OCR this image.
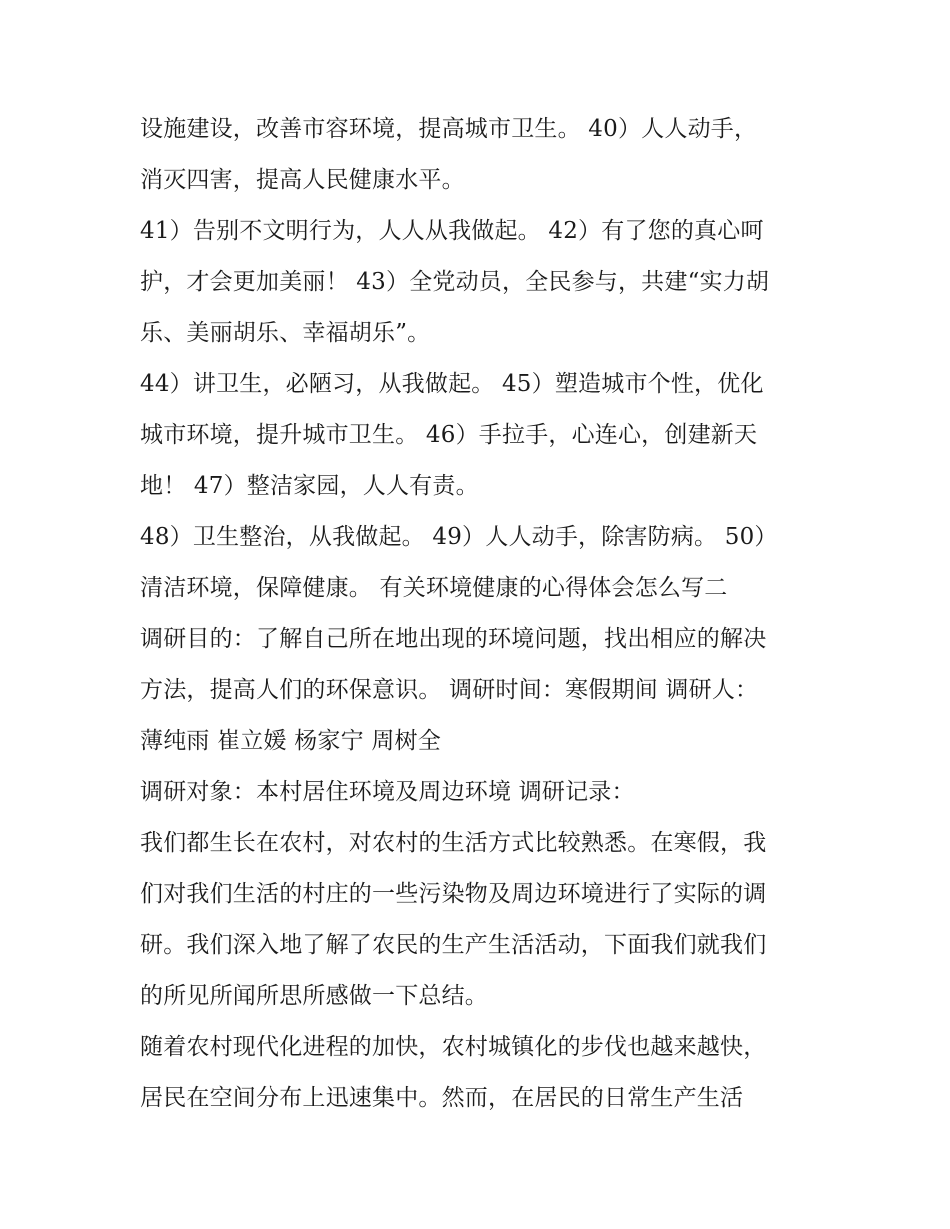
设施建设，改善市容环境，提高城市卫生。 40）人人动手，
消灭四害，提高人民健康水平。
41）告别不文明行为，人人从我做起。 42）有了您的真心呵
护，才会更加美丽！ 43）全党动员，全民参与，共建“实力胡
乐、美丽胡乐、幸福胡乐”。
44）讲卫生，必陋习，从我做起。 45）塑造城市个性，优化
城市环境，提升城市卫生。 46）手拉手，心连心，创建新天
地！ 47）整洁家园，人人有责。
48）卫生整治，从我做起。 49）人人动手，除害防病。 50）
清洁环境，保障健康。 有关环境健康的心得体会怎么写二
调研目的：了解自己所在地出现的环境问题，找出相应的解决
方法，提高人们的环保意识。 调研时间：寒假期间 调研人：
薄纯雨 崔立媛 杨家宁 周树全
调研对象：本村居住环境及周边环境 调研记录：
我们都生长在农村，对农村的生活方式比较熟悉。在寒假，我
们对我们生活的村庄的一些污染物及周边环境进行了实际的调
研。我们深入地了解了农民的生产生活活动，下面我们就我们
的所见所闻所思所感做一下总结。
随着农村现代化进程的加快，农村城镇化的步伐也越来越快，
居民在空间分布上迅速集中。然而，在居民的日常生产生活
